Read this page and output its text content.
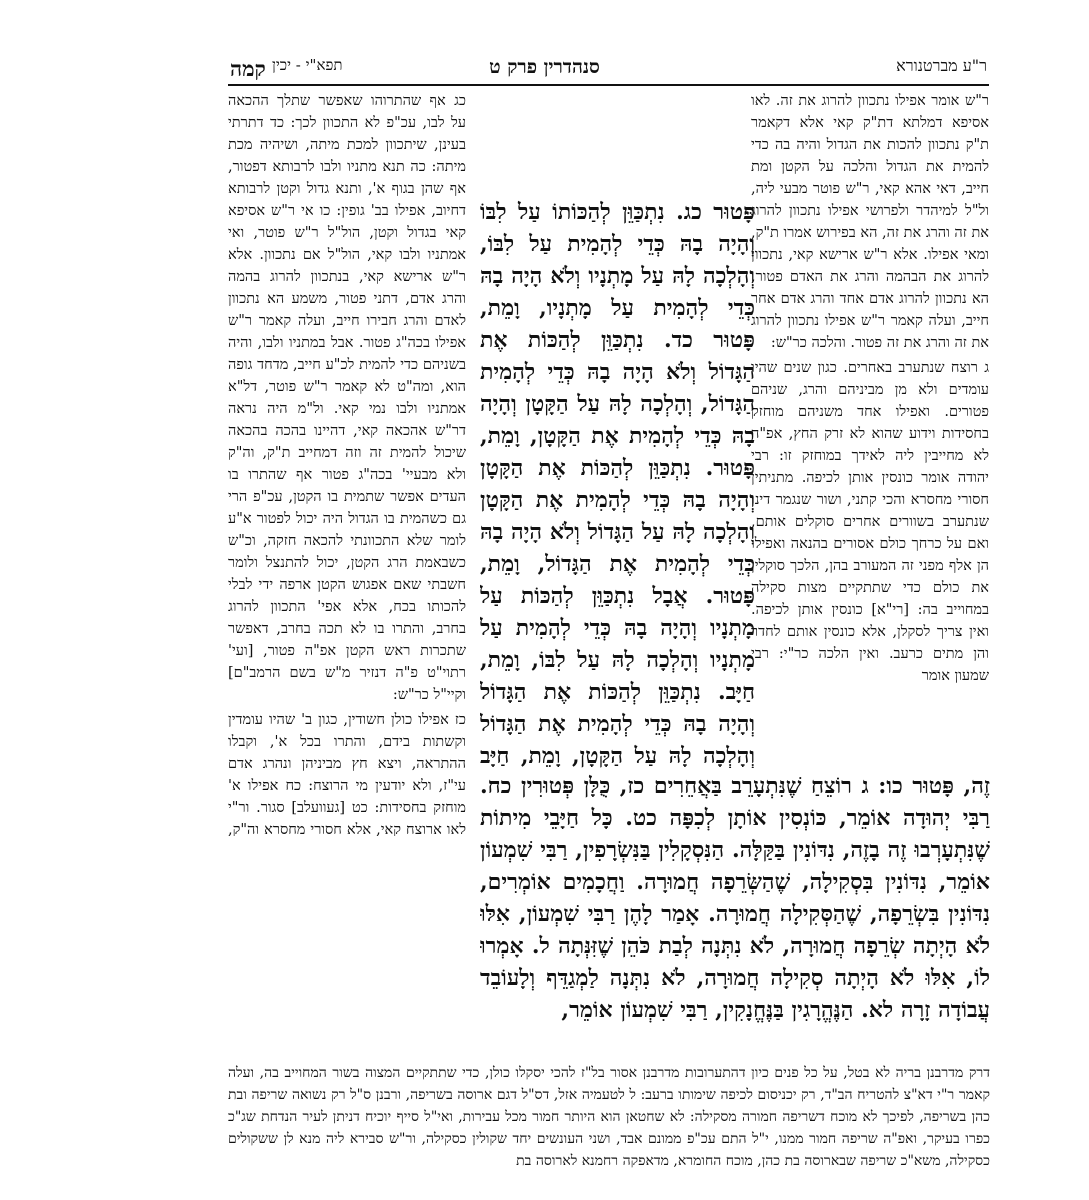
ר"ע מברטנורא
סנהדרין פרק ט
תפא"י - יכין
קמה

ר"ש אומר אפילו נתכוון להרוג את זה. לאו אסיפא דמלתא דת"ק קאי אלא דקאמר ת"ק נתכוון להכות את הגדול והיה בה כדי להמית את הגדול והלכה על הקטן ומת חייב, דאי אהא קאי, ר"ש פוטר מבעי ליה, ול"ל למיהדר ולפרושי אפילו נתכוון להרוג את זה והרג את זה, הא בפירוש אמרו ת"ק, ומאי אפילו. אלא ר"ש ארישא קאי, נתכוון להרוג את הבהמה והרג את האדם פטור, הא נתכוון להרוג אדם אחד והרג אדם אחר חייב, ועלה קאמר ר"ש אפילו נתכוון להרוג את זה והרג את זה פטור. והלכה כר"ש:

ג רוצח שנתערב באחרים. כגון שנים שהיו עומדים ולא מן מביניהם והרג, שניהם פטורים. ואפילו אחד משניהם מוחזק בחסידות וידוע שהוא לא זרק החץ, אפ"ה לא מחייבין ליה לאידך במוחזק זו: רבי יהודה אומר כונסין אותן לכיפה. מתניתין חסורי מחסרא והכי קתני, ושור שנגמר דינו שנתערב בשוורים אחרים סוקלים אותם, ואם על כרחך כולם אסורים בהנאה ואפילו הן אלף מפני זה המעורב בהן, הלכך סוקלין את כולם כדי שתתקיים מצות סקילה במחוייב בה: [רי"א] כונסין אותן לכיפה. ואין צריך לסקלן, אלא כונסין אותם לחדר והן מתים כרעב. ואין הלכה כר"י: רבי שמעון אומר

כג אף שהתרוהו שאפשר שתלך ההכאה על לבו, עכ"פ לא התכוון לכך: כד דתרתי בעינן, שיתכוון למכת מיתה, ושיהיה מכת מיתה: כה תנא מתניו ולבו לרבותא דפטור, אף שהן בגוף א', ותנא גדול וקטן לרבותא דחיוב, אפילו בב' גופין: כו אי ר"ש אסיפא קאי בגדול וקטן, הול"ל ר"ש פוטר, ואי אמתניו ולבו קאי, הול"ל אם נתכוון. אלא ר"ש ארישא קאי, בנתכוון להרוג בהמה והרג אדם, דתני פטור, משמע הא נתכוון לאדם והרג חבירו חייב, ועלה קאמר ר"ש אפילו בכה"ג פטור. אבל במתניו ולבו, והיה בשניהם כדי להמית לכ"ע חייב, מדחד גופה הוא, ומה"ט לא קאמר ר"ש פוטר, דל"א אמתניו ולבו נמי קאי. ול"מ היה נראה דר"ש אהכאה קאי, דהיינו בהכה בהכאה שיכול להמית זה וזה דמחייב ת"ק, וה"ק ולא מבעיי' בכה"ג פטור אף שהתרו בו העדים אפשר שתמית בו הקטן, עכ"פ הרי גם כשהמית בו הגדול היה יכול לפטור א"ע לומר שלא התכוונתי להכאה חזקה, וכ"ש כשבאמת הרג הקטן, יכול להתנצל ולומר חשבתי שאם אפגוש הקטן ארפה ידי לבלי להכותו בכח, אלא אפי' התכוון להרוג בחרב, והתרו בו לא תכה בחרב, דאפשר שתכרות ראש הקטן אפ"ה פטור, [ועי' רתוי"ט פ"ה דנזיר מ"ש בשם הרמב"ם] וקיי"ל כר"ש:

כז אפילו כולן חשודין, כגון ב' שהיו עומדין וקשתות בידם, והתרו בכל א', וקבלו ההתראה, ויצא חץ מביניהן ונהרג אדם עי"ז, ולא יודעין מי הרוצח: כח אפילו א' מוחזק בחסידות: כט [געוועלב] סגור. ור"י לאו ארוצח קאי, אלא חסורי מחסרא וה"ק,

פָּטוּר כג. נִתְכַּוֵּן לְהַכּוֹתוֹ עַל לִבּוֹ וְהָיָה בָהּ כְּדֵי לְהָמִית עַל לִבּוֹ, וְהָלְכָה לָהּ עַל מָתְנָיו וְלֹא הָיָה בָהּ כְּדֵי לְהָמִית עַל מָתְנָיו, וָמֵת, פָּטוּר כד. נִתְכַּוֵּן לְהַכּוֹת אֶת הַגָּדוֹל וְלֹא הָיָה בָהּ כְּדֵי לְהָמִית הַגָּדוֹל, וְהָלְכָה לָהּ עַל הַקָּטָן וְהָיָה בָהּ כְּדֵי לְהָמִית אֶת הַקָּטָן, וָמֵת, פָּטוּר. נִתְכַּוֵּן לְהַכּוֹת אֶת הַקָּטָן וְהָיָה בָהּ כְּדֵי לְהָמִית אֶת הַקָּטָן וְהָלְכָה לָהּ עַל הַגָּדוֹל וְלֹא הָיָה בָהּ כְּדֵי לְהָמִית אֶת הַגָּדוֹל, וָמֵת, פָּטוּר. אֲבָל נִתְכַּוֵּן לְהַכּוֹת עַל מָתְנָיו וְהָיָה בָהּ כְּדֵי לְהָמִית עַל מָתְנָיו וְהָלְכָה לָהּ עַל לִבּוֹ, וָמֵת, חַיָּב. נִתְכַּוֵּן לְהַכּוֹת אֶת הַגָּדוֹל וְהָיָה בָהּ כְּדֵי לְהָמִית אֶת הַגָּדוֹל וְהָלְכָה לָהּ עַל הַקָּטָן, וָמֵת, חַיָּב
זֶה, פָּטוּר כו: ג רוֹצֵחַ שֶׁנִּתְעָרֵב בַּאֲחֵרִים כז, כֻּלָּן פְּטוּרִין כח. רַבִּי יְהוּדָה אוֹמֵר, כּוֹנְסִין אוֹתָן לְכִפָּה כט. כָּל חַיָּבֵי מִיתוֹת שֶׁנִּתְעָרְבוּ זֶה בָזֶה, נִדּוֹנִין בַּקַּלָּה. הַנִּסְקָלִין בַּנִּשְׂרָפִין, רַבִּי שִׁמְעוֹן אוֹמֵר, נִדּוֹנִין בִּסְקִילָה, שֶׁהַשְּׂרֵפָה חֲמוּרָה. וַחֲכָמִים אוֹמְרִים, נִדּוֹנִין בִּשְׂרֵפָה, שֶׁהַסְּקִילָה חֲמוּרָה. אָמַר לָהֶן רַבִּי שִׁמְעוֹן, אִלּוּ לֹא הָיְתָה שְׂרֵפָה חֲמוּרָה, לֹא נִתְּנָה לְבַת כֹּהֵן שֶׁזִּנְּתָה ל. אָמְרוּ לוֹ, אִלּוּ לֹא הָיְתָה סְקִילָה חֲמוּרָה, לֹא נִתְּנָה לַמְגַדֵּף וְלָעוֹבֵד עֲבוֹדָה זָרָה לא. הַנֶּהֱרָגִין בַּנֶּחֱנָקִין, רַבִּי שִׁמְעוֹן אוֹמֵר,
דרק מדרבנן בריה לא בטל, על כל פנים כיון דהתערובות מדרבנן אסור בל"ז להכי יסקלו כולן, כדי שתתקיים המצוה בשור המחוייב בה, ועלה קאמר ר"י דא"צ להטריח הב"ד, רק יכניסום לכיפה שימותו ברעב: ל לטעמיה אזל, דס"ל דגם ארוסה בשריפה, ורבנן ס"ל רק נשואה שריפה ובת כהן בשריפה, לפיכך לא מוכח דשריפה חמורה מסקילה: לא שחטאן הוא היותר חמור מכל עבירות, ואי"ל סייף יוכיח דניתן לעיר הנדחת שג"כ כפרו בעיקר, ואפ"ה שריפה חמור ממנו, י"ל התם עכ"פ ממונם אבד, ושני העונשים יחד שקולין כסקילה, ור"ש סבירא ליה מנא לן ששקולים כסקילה, משא"כ שריפה שבארוסה בת כהן, מוכח החומרא, מדאפקה רחמנא לארוסה בת
